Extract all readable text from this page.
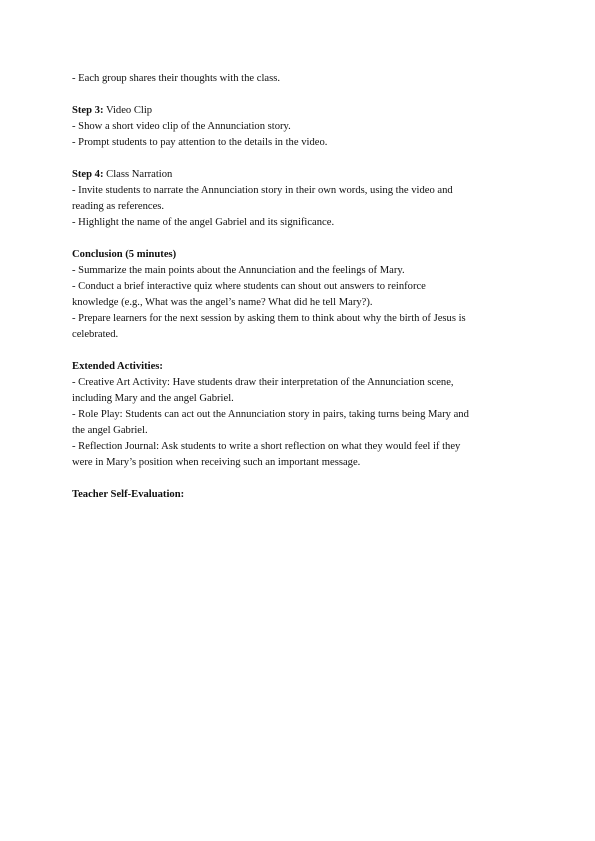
- Each group shares their thoughts with the class.
Step 3: Video Clip
- Show a short video clip of the Annunciation story.
- Prompt students to pay attention to the details in the video.
Step 4: Class Narration
- Invite students to narrate the Annunciation story in their own words, using the video and
reading as references.
- Highlight the name of the angel Gabriel and its significance.
Conclusion (5 minutes)
- Summarize the main points about the Annunciation and the feelings of Mary.
- Conduct a brief interactive quiz where students can shout out answers to reinforce
knowledge (e.g., What was the angel’s name? What did he tell Mary?).
- Prepare learners for the next session by asking them to think about why the birth of Jesus is
celebrated.
Extended Activities:
- Creative Art Activity: Have students draw their interpretation of the Annunciation scene,
including Mary and the angel Gabriel.
- Role Play: Students can act out the Annunciation story in pairs, taking turns being Mary and
the angel Gabriel.
- Reflection Journal: Ask students to write a short reflection on what they would feel if they
were in Mary’s position when receiving such an important message.
Teacher Self-Evaluation:
